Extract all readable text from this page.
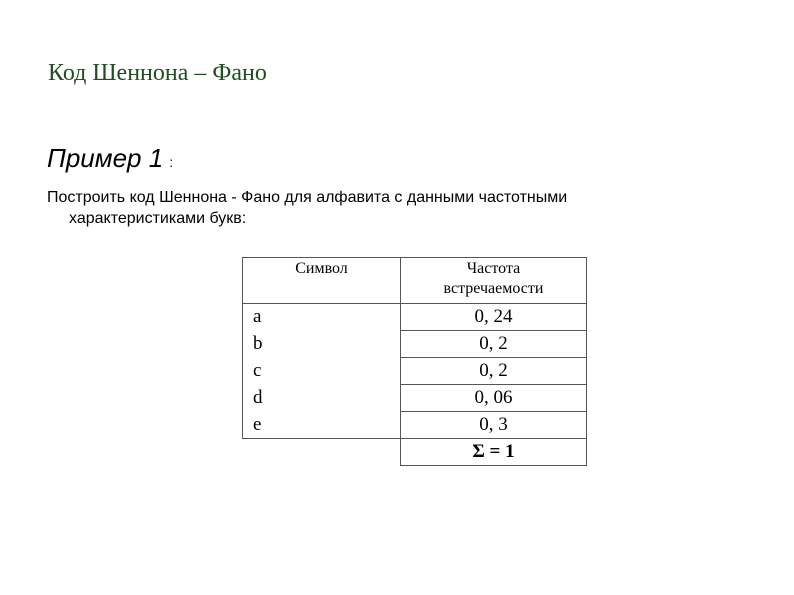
Код Шеннона – Фано
Пример 1 :
Построить код Шеннона - Фано для алфавита с данными частотными
характеристиками букв:
Символ	Частота
встречаемости
a	0, 24
b	0, 2
c	0, 2
d	0, 06
e	0, 3
	Σ = 1
